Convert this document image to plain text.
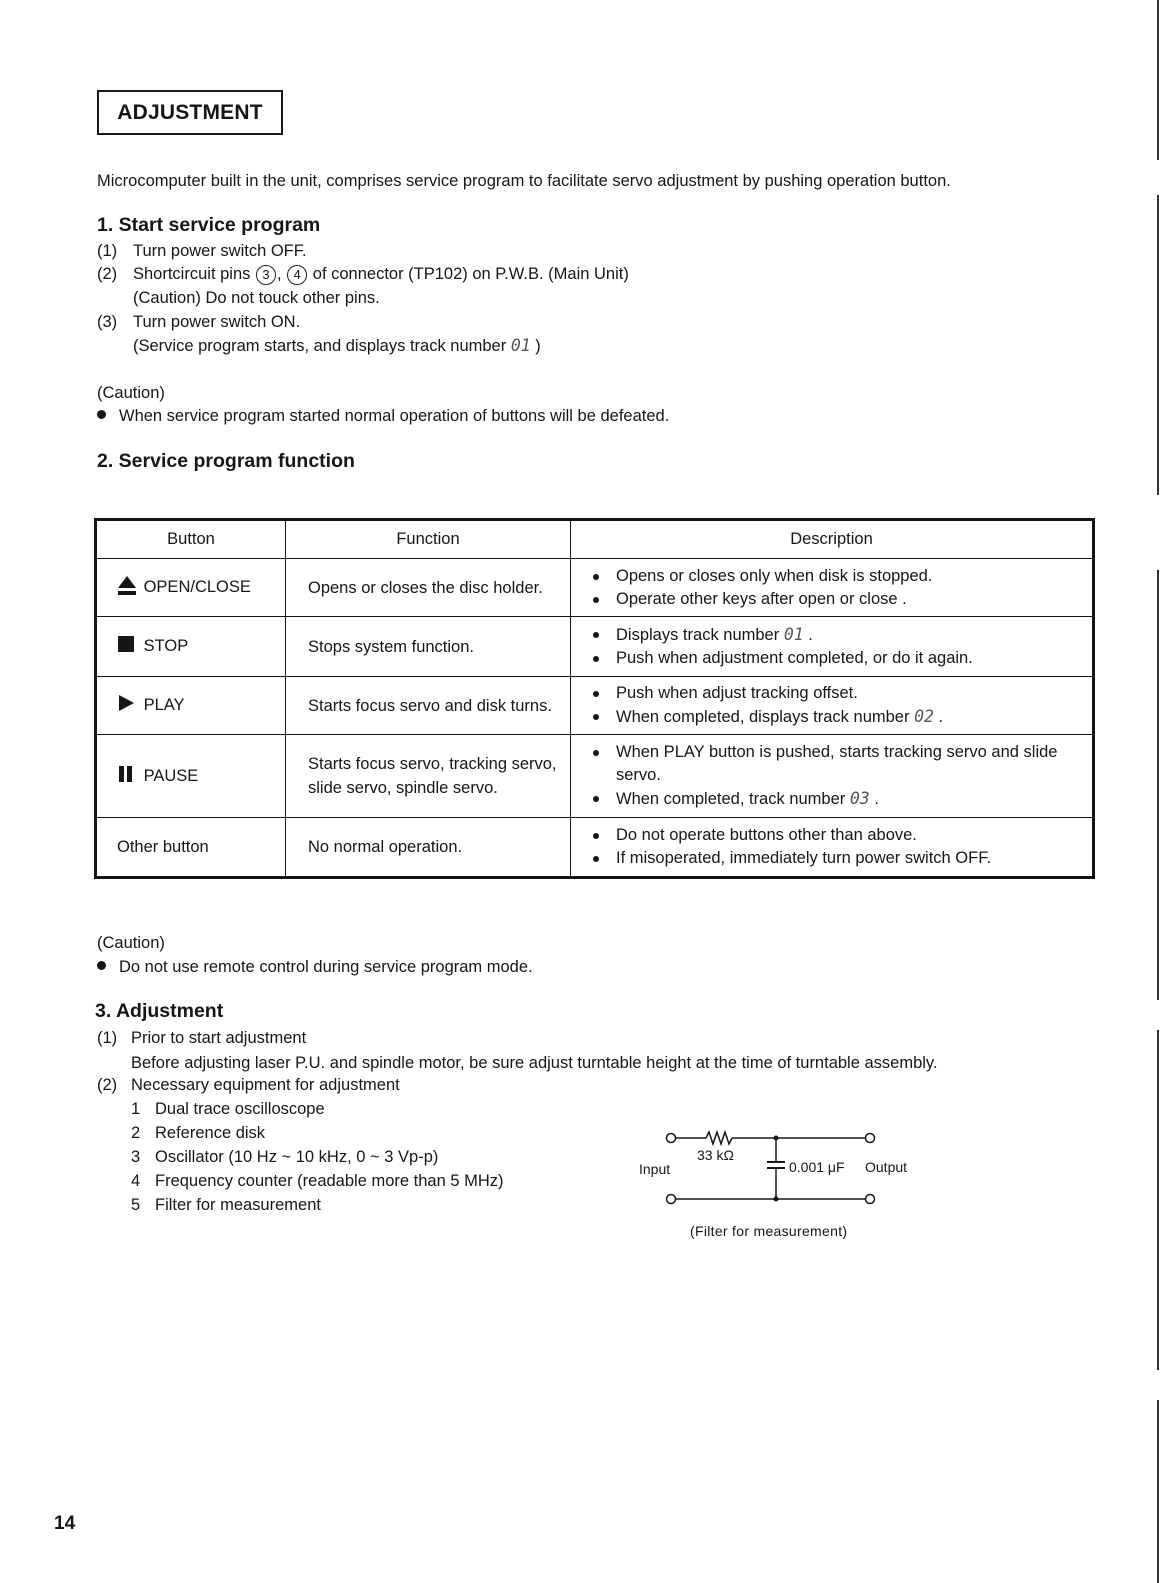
ADJUSTMENT
Microcomputer built in the unit, comprises service program to facilitate servo adjustment by pushing operation button.
1. Start service program
(1) Turn power switch OFF.
(2) Shortcircuit pins 3 , 4 of connector (TP102) on P.W.B. (Main Unit)
(Caution) Do not touck other pins.
(3) Turn power switch ON.
(Service program starts, and displays track number 01 )
(Caution)
When service program started normal operation of buttons will be defeated.
2. Service program function
Button	Function	Description
OPEN/CLOSE	Opens or closes the disc holder.	Opens or closes only when disk is stopped.
Operate other keys after open or close .

STOP	Stops system function.	Displays track number 01 .
Push when adjustment completed, or do it again.

PLAY	Starts focus servo and disk turns.	Push when adjust tracking offset.
When completed, displays track number 02 .

PAUSE	Starts focus servo, tracking servo, slide servo, spindle servo.	When PLAY button is pushed, starts tracking servo and slide servo.
When completed, track number 03 .

Other button	No normal operation.	Do not operate buttons other than above.
If misoperated, immediately turn power switch OFF.
(Caution)
Do not use remote control during service program mode.
3. Adjustment
(1) Prior to start adjustment
Before adjusting laser P.U. and spindle motor, be sure adjust turntable height at the time of turntable assembly.
(2) Necessary equipment for adjustment
1 Dual trace oscilloscope
2 Reference disk
3 Oscillator (10 Hz ~ 10 kHz, 0 ~ 3 Vp-p)
4 Frequency counter (readable more than 5 MHz)
5 Filter for measurement
Input
33 kΩ
0.001 μF Output
(Filter for measurement)
14
